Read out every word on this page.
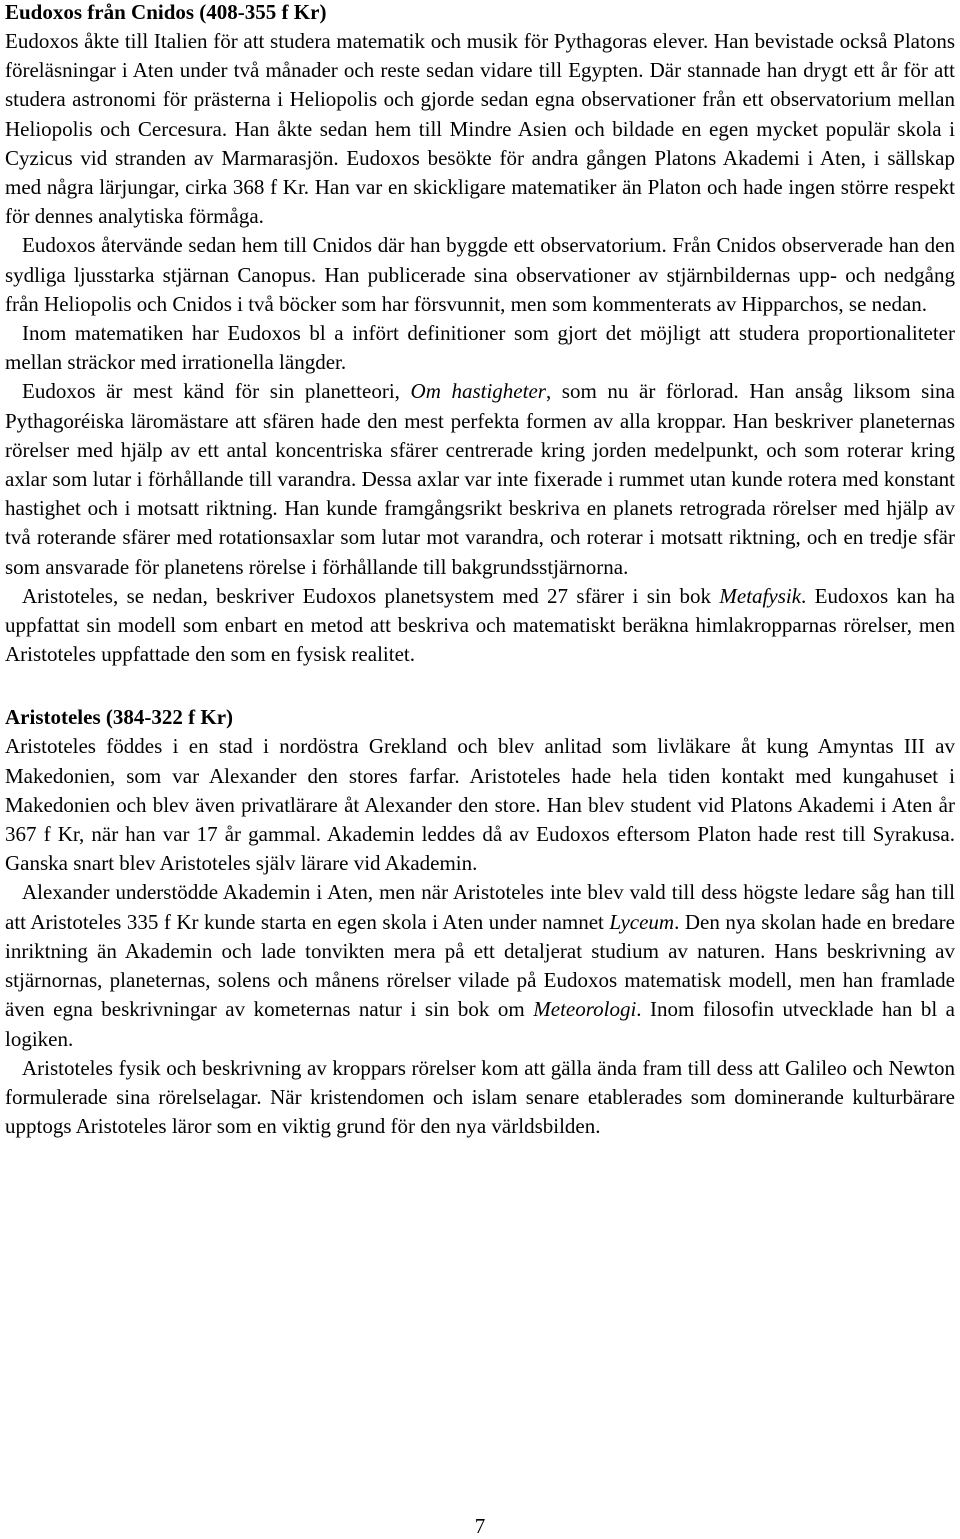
Eudoxos från Cnidos (408-355 f Kr)

Eudoxos åkte till Italien för att studera matematik och musik för Pythagoras elever. Han bevistade också Platons föreläsningar i Aten under två månader och reste sedan vidare till Egypten. Där stannade han drygt ett år för att studera astronomi för prästerna i Heliopolis och gjorde sedan egna observationer från ett observatorium mellan Heliopolis och Cercesura. Han åkte sedan hem till Mindre Asien och bildade en egen mycket populär skola i Cyzicus vid stranden av Marmarasjön. Eudoxos besökte för andra gången Platons Akademi i Aten, i sällskap med några lärjungar, cirka 368 f Kr. Han var en skickligare matematiker än Platon och hade ingen större respekt för dennes analytiska förmåga.

Eudoxos återvände sedan hem till Cnidos där han byggde ett observatorium. Från Cnidos observerade han den sydliga ljusstarka stjärnan Canopus. Han publicerade sina observationer av stjärnbildernas upp- och nedgång från Heliopolis och Cnidos i två böcker som har försvunnit, men som kommenterats av Hipparchos, se nedan.

Inom matematiken har Eudoxos bl a infört definitioner som gjort det möjligt att studera proportionaliteter mellan sträckor med irrationella längder.

Eudoxos är mest känd för sin planetteori, Om hastigheter, som nu är förlorad. Han ansåg liksom sina Pythagoréiska läromästare att sfären hade den mest perfekta formen av alla kroppar. Han beskriver planeternas rörelser med hjälp av ett antal koncentriska sfärer centrerade kring jorden medelpunkt, och som roterar kring axlar som lutar i förhållande till varandra. Dessa axlar var inte fixerade i rummet utan kunde rotera med konstant hastighet och i motsatt riktning. Han kunde framgångsrikt beskriva en planets retrograda rörelser med hjälp av två roterande sfärer med rotationsaxlar som lutar mot varandra, och roterar i motsatt riktning, och en tredje sfär som ansvarade för planetens rörelse i förhållande till bakgrundsstjärnorna.

Aristoteles, se nedan, beskriver Eudoxos planetsystem med 27 sfärer i sin bok Metafysik. Eudoxos kan ha uppfattat sin modell som enbart en metod att beskriva och matematiskt beräkna himlakropparnas rörelser, men Aristoteles uppfattade den som en fysisk realitet.

Aristoteles (384-322 f Kr)

Aristoteles föddes i en stad i nordöstra Grekland och blev anlitad som livläkare åt kung Amyntas III av Makedonien, som var Alexander den stores farfar. Aristoteles hade hela tiden kontakt med kungahuset i Makedonien och blev även privatlärare åt Alexander den store. Han blev student vid Platons Akademi i Aten år 367 f Kr, när han var 17 år gammal. Akademin leddes då av Eudoxos eftersom Platon hade rest till Syrakusa. Ganska snart blev Aristoteles själv lärare vid Akademin.

Alexander understödde Akademin i Aten, men när Aristoteles inte blev vald till dess högste ledare såg han till att Aristoteles 335 f Kr kunde starta en egen skola i Aten under namnet Lyceum. Den nya skolan hade en bredare inriktning än Akademin och lade tonvikten mera på ett detaljerat studium av naturen. Hans beskrivning av stjärnornas, planeternas, solens och månens rörelser vilade på Eudoxos matematisk modell, men han framlade även egna beskrivningar av kometernas natur i sin bok om Meteorologi. Inom filosofin utvecklade han bl a logiken.

Aristoteles fysik och beskrivning av kroppars rörelser kom att gälla ända fram till dess att Galileo och Newton formulerade sina rörelselagar. När kristendomen och islam senare etablerades som dominerande kulturbärare upptogs Aristoteles läror som en viktig grund för den nya världsbilden.

7
